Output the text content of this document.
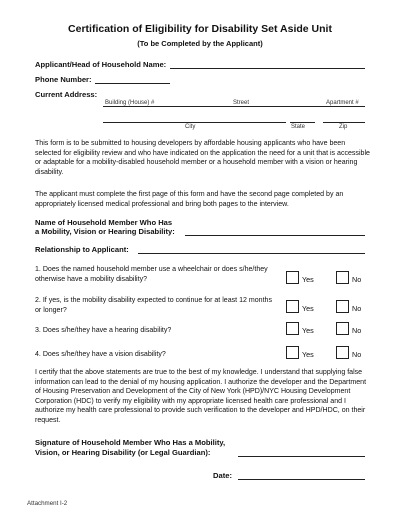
Certification of Eligibility for Disability Set Aside Unit
(To be Completed by the Applicant)
Applicant/Head of Household Name:
Phone Number:
Current Address:
Building (House) #	Street	Apartment #
City	State	Zip
This form is to be submitted to housing developers by affordable housing applicants who have been selected for eligibility review and who have indicated on the application the need for a unit that is accessible or adaptable for a mobility-disabled household member or a household member with a vision or hearing disability.
The applicant must complete the first page of this form and have the second page completed by an appropriately licensed medical professional and bring both pages to the interview.
Name of Household Member Who Has
a Mobility, Vision or Hearing Disability:
Relationship to Applicant:
1. Does the named household member use a wheelchair or does s/he/they otherwise have a mobility disability?	Yes	No
2. If yes, is the mobility disability expected to continue for at least 12 months or longer?	Yes	No
3. Does s/he/they have a hearing disability?	Yes	No
4. Does s/he/they have a vision disability?	Yes	No
I certify that the above statements are true to the best of my knowledge. I understand that supplying false information can lead to the denial of my housing application. I authorize the developer and the Department of Housing Preservation and Development of the City of New York (HPD)/NYC Housing Development Corporation (HDC) to verify my eligibility with my appropriate licensed health care professional and I authorize my health care professional to provide such verification to the developer and HPD/HDC, on their request.
Signature of Household Member Who Has a Mobility,
Vision, or Hearing Disability (or Legal Guardian):
Date:
Attachment I-2
